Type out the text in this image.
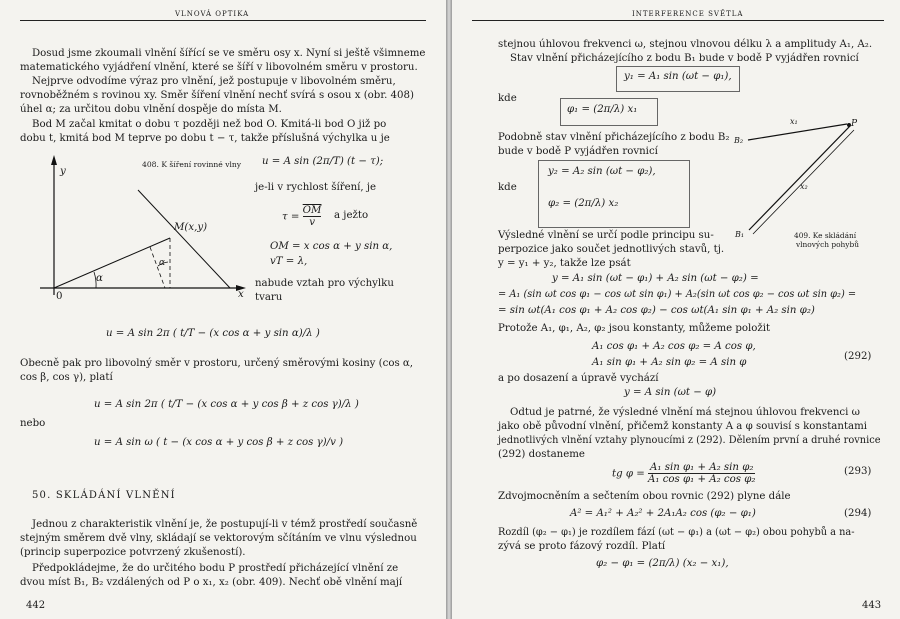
VLNOVÁ OPTIKA
Dosud jsme zkoumali vlnění šířící se ve směru osy x. Nyní si ještě všimneme
matematického vyjádření vlnění, které se šíří v libovolném směru v prostoru.
Nejprve odvodíme výraz pro vlnění, jež postupuje v libovolném směru,
rovnoběžném s rovinou xy. Směr šíření vlnění nechť svírá s osou x (obr. 408)
úhel α; za určitou dobu vlnění dospěje do místa M.
Bod M začal kmitat o dobu τ později než bod O. Kmitá-li bod O již po
dobu t, kmitá bod M teprve po dobu t − τ, takže příslušná výchylka u je
408. K šíření rovinné vlny u = A sin (2π/T) (t − τ);
y
x
0
M(x,y)
α
α
je-li v rychlost šíření, je
$\tau = \frac{\overline{OM}}{v}$ a ježto
OM = x cos α + y sin α,
vT = λ,
nabude vztah pro výchylku
tvaru
u = A sin 2π ( t/T − (x cos α + y sin α)/λ )
Obecně pak pro libovolný směr v prostoru, určený směrovými kosiny (cos α,
cos β, cos γ), platí
u = A sin 2π ( t/T − (x cos α + y cos β + z cos γ)/λ )
nebo
u = A sin ω ( t − (x cos α + y cos β + z cos γ)/v )
50. SKLÁDÁNÍ VLNĚNÍ
Jednou z charakteristik vlnění je, že postupují-li v témž prostředí současně
stejným směrem dvě vlny, skládají se vektorovým sčítáním ve vlnu výslednou
(princip superpozice potvrzený zkušeností).
Předpokládejme, že do určitého bodu P prostředí přicházející vlnění ze
dvou míst B₁, B₂ vzdálených od P o x₁, x₂ (obr. 409). Nechť obě vlnění mají
442
INTERFERENCE SVĚTLA
stejnou úhlovou frekvenci ω, stejnou vlnovou délku λ a amplitudy A₁, A₂.
Stav vlnění přicházejícího z bodu B₁ bude v bodě P vyjádřen rovnicí
y₁ = A₁ sin (ωt − φ₁),
kde
φ₁ = (2π/λ) x₁
Podobně stav vlnění přicházejícího z bodu B₂
bude v bodě P vyjádřen rovnicí
y₂ = A₂ sin (ωt − φ₂),
kde
φ₂ = (2π/λ) x₂
B₂
B₁
P
x₁
x₂
409. Ke skládání
vlnových pohybů
Výsledné vlnění se určí podle principu su-
perpozice jako součet jednotlivých stavů, tj.
y = y₁ + y₂, takže lze psát
y = A₁ sin (ωt − φ₁) + A₂ sin (ωt − φ₂) =
= A₁ (sin ωt cos φ₁ − cos ωt sin φ₁) + A₂(sin ωt cos φ₂ − cos ωt sin φ₂) =
= sin ωt(A₁ cos φ₁ + A₂ cos φ₂) − cos ωt(A₁ sin φ₁ + A₂ sin φ₂)
Protože A₁, φ₁, A₂, φ₂ jsou konstanty, můžeme položit
A₁ cos φ₁ + A₂ cos φ₂ = A cos φ,
A₁ sin φ₁ + A₂ sin φ₂ = A sin φ
(292)
a po dosazení a úpravě vychází
y = A sin (ωt − φ)
Odtud je patrné, že výsledné vlnění má stejnou úhlovou frekvenci ω
jako obě původní vlnění, přičemž konstanty A a φ souvisí s konstantami
jednotlivých vlnění vztahy plynoucími z (292). Dělením první a druhé rovnice
(292) dostaneme
tg $\varphi = \frac{\text{A₁ sin φ₁ + A₂ sin φ₂}}{\text{A₁ cos φ₁ + A₂ cos φ₂}}$	(293)
Zdvojmocněním a sečtením obou rovnic (292) plyne dále
A² = A₁² + A₂² + 2A₁A₂ cos (φ₂ − φ₁)	(294)
Rozdíl (φ₂ − φ₁) je rozdílem fází (ωt − φ₁) a (ωt − φ₂) obou pohybů a na-
zývá se proto fázový rozdíl. Platí
φ₂ − φ₁ = (2π/λ) (x₂ − x₁),
443
